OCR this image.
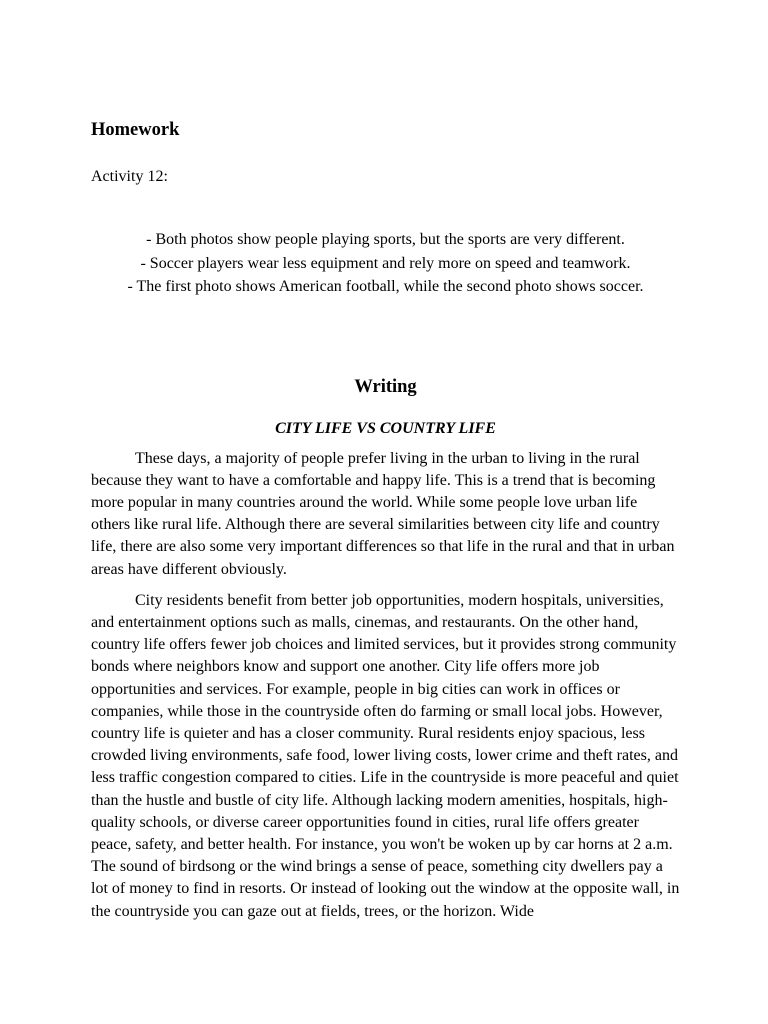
Homework

Activity 12:

- Both photos show people playing sports, but the sports are very different.
- Soccer players wear less equipment and rely more on speed and teamwork.
- The first photo shows American football, while the second photo shows soccer.
Writing

CITY LIFE VS COUNTRY LIFE

These days, a majority of people prefer living in the urban to living in the rural because they want to have a comfortable and happy life. This is a trend that is becoming more popular in many countries around the world. While some people love urban life others like rural life. Although there are several similarities between city life and country life, there are also some very important differences so that life in the rural and that in urban areas have different obviously.

City residents benefit from better job opportunities, modern hospitals, universities, and entertainment options such as malls, cinemas, and restaurants. On the other hand, country life offers fewer job choices and limited services, but it provides strong community bonds where neighbors know and support one another. City life offers more job opportunities and services. For example, people in big cities can work in offices or companies, while those in the countryside often do farming or small local jobs. However, country life is quieter and has a closer community. Rural residents enjoy spacious, less crowded living environments, safe food, lower living costs, lower crime and theft rates, and less traffic congestion compared to cities. Life in the countryside is more peaceful and quiet than the hustle and bustle of city life. Although lacking modern amenities, hospitals, high-quality schools, or diverse career opportunities found in cities, rural life offers greater peace, safety, and better health. For instance, you won't be woken up by car horns at 2 a.m. The sound of birdsong or the wind brings a sense of peace, something city dwellers pay a lot of money to find in resorts. Or instead of looking out the window at the opposite wall, in the countryside you can gaze out at fields, trees, or the horizon. Wide
